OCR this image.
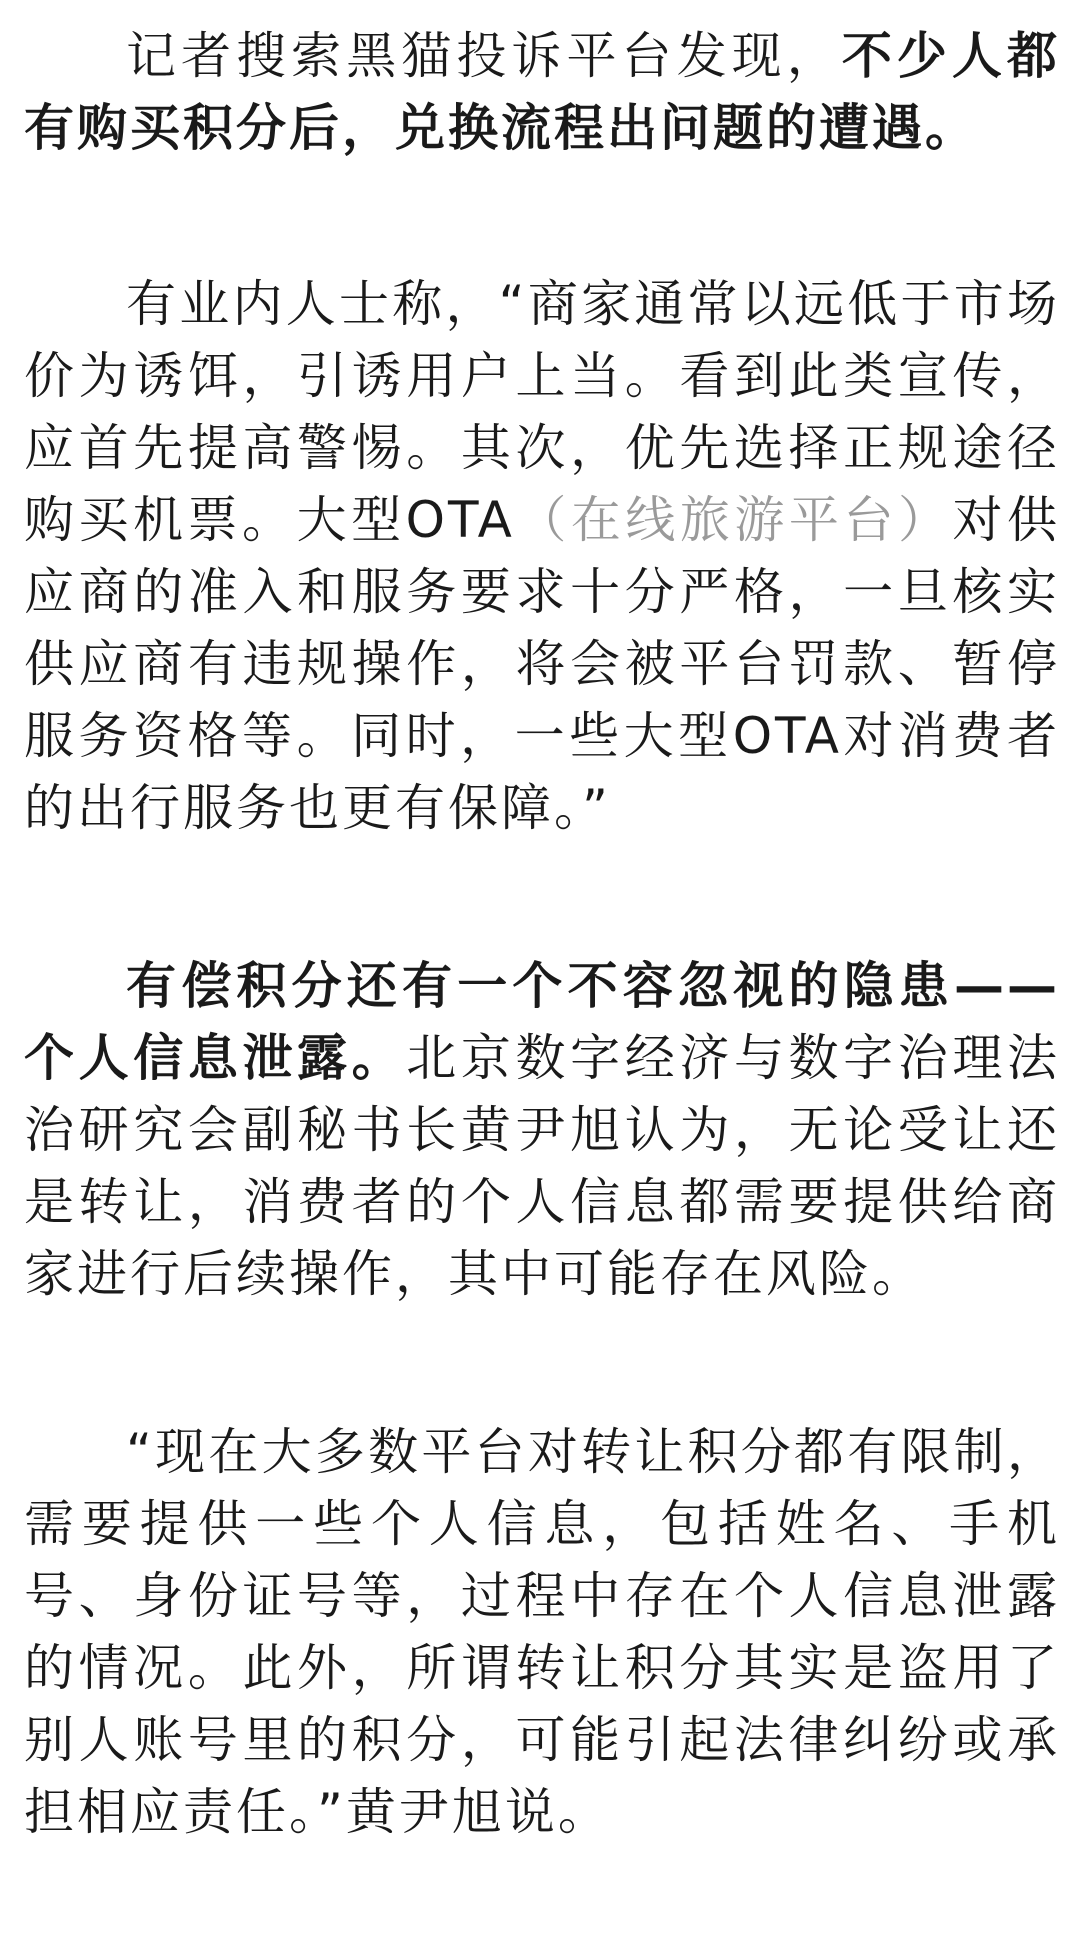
记者搜索黑猫投诉平台发现，不少人都有购买积分后，兑换流程出问题的遭遇。

有业内人士称，“商家通常以远低于市场价为诱饵，引诱用户上当。看到此类宣传，应首先提高警惕。其次，优先选择正规途径购买机票。大型OTA（在线旅游平台）对供应商的准入和服务要求十分严格，一旦核实供应商有违规操作，将会被平台罚款、暂停服务资格等。同时，一些大型OTA对消费者的出行服务也更有保障。”

有偿积分还有一个不容忽视的隐患——个人信息泄露。北京数字经济与数字治理法治研究会副秘书长黄尹旭认为，无论受让还是转让，消费者的个人信息都需要提供给商家进行后续操作，其中可能存在风险。

“现在大多数平台对转让积分都有限制，需要提供一些个人信息，包括姓名、手机号、身份证号等，过程中存在个人信息泄露的情况。此外，所谓转让积分其实是盗用了别人账号里的积分，可能引起法律纠纷或承担相应责任。”黄尹旭说。
